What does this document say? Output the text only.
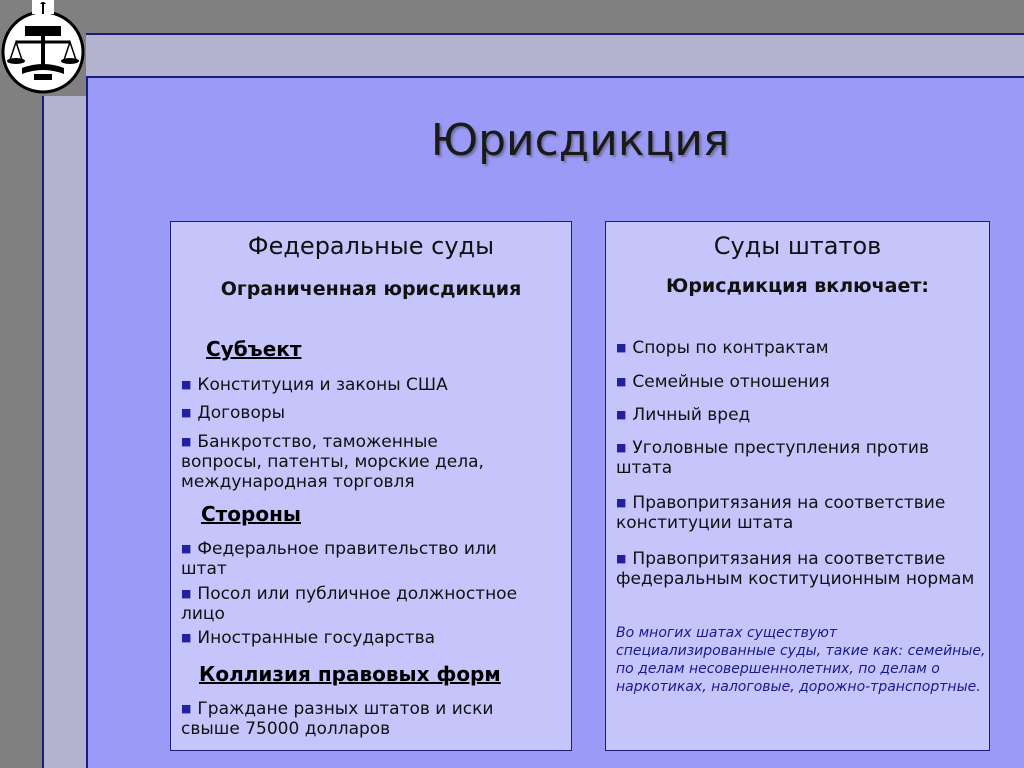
Юрисдикция
Федеральные суды
Ограниченная юрисдикция
Субъект
■ Конституция и законы США
■ Договоры
■ Банкротство, таможенные вопросы, патенты, морские дела, международная торговля
Стороны
■ Федеральное правительство или штат
■ Посол или публичное должностное лицо
■ Иностранные государства
Коллизия правовых форм
■ Граждане разных штатов и иски свыше 75000 долларов
Суды штатов
Юрисдикция включает:
■ Споры по контрактам
■ Семейные отношения
■ Личный вред
■ Уголовные преступления против штата
■ Правопритязания на соответствие конституции штата
■ Правопритязания на соответствие федеральным коституционным нормам
Во многих шатах существуют специализированные суды, такие как: семейные, по делам несовершеннолетних, по делам о наркотиках, налоговые, дорожно-транспортные.
